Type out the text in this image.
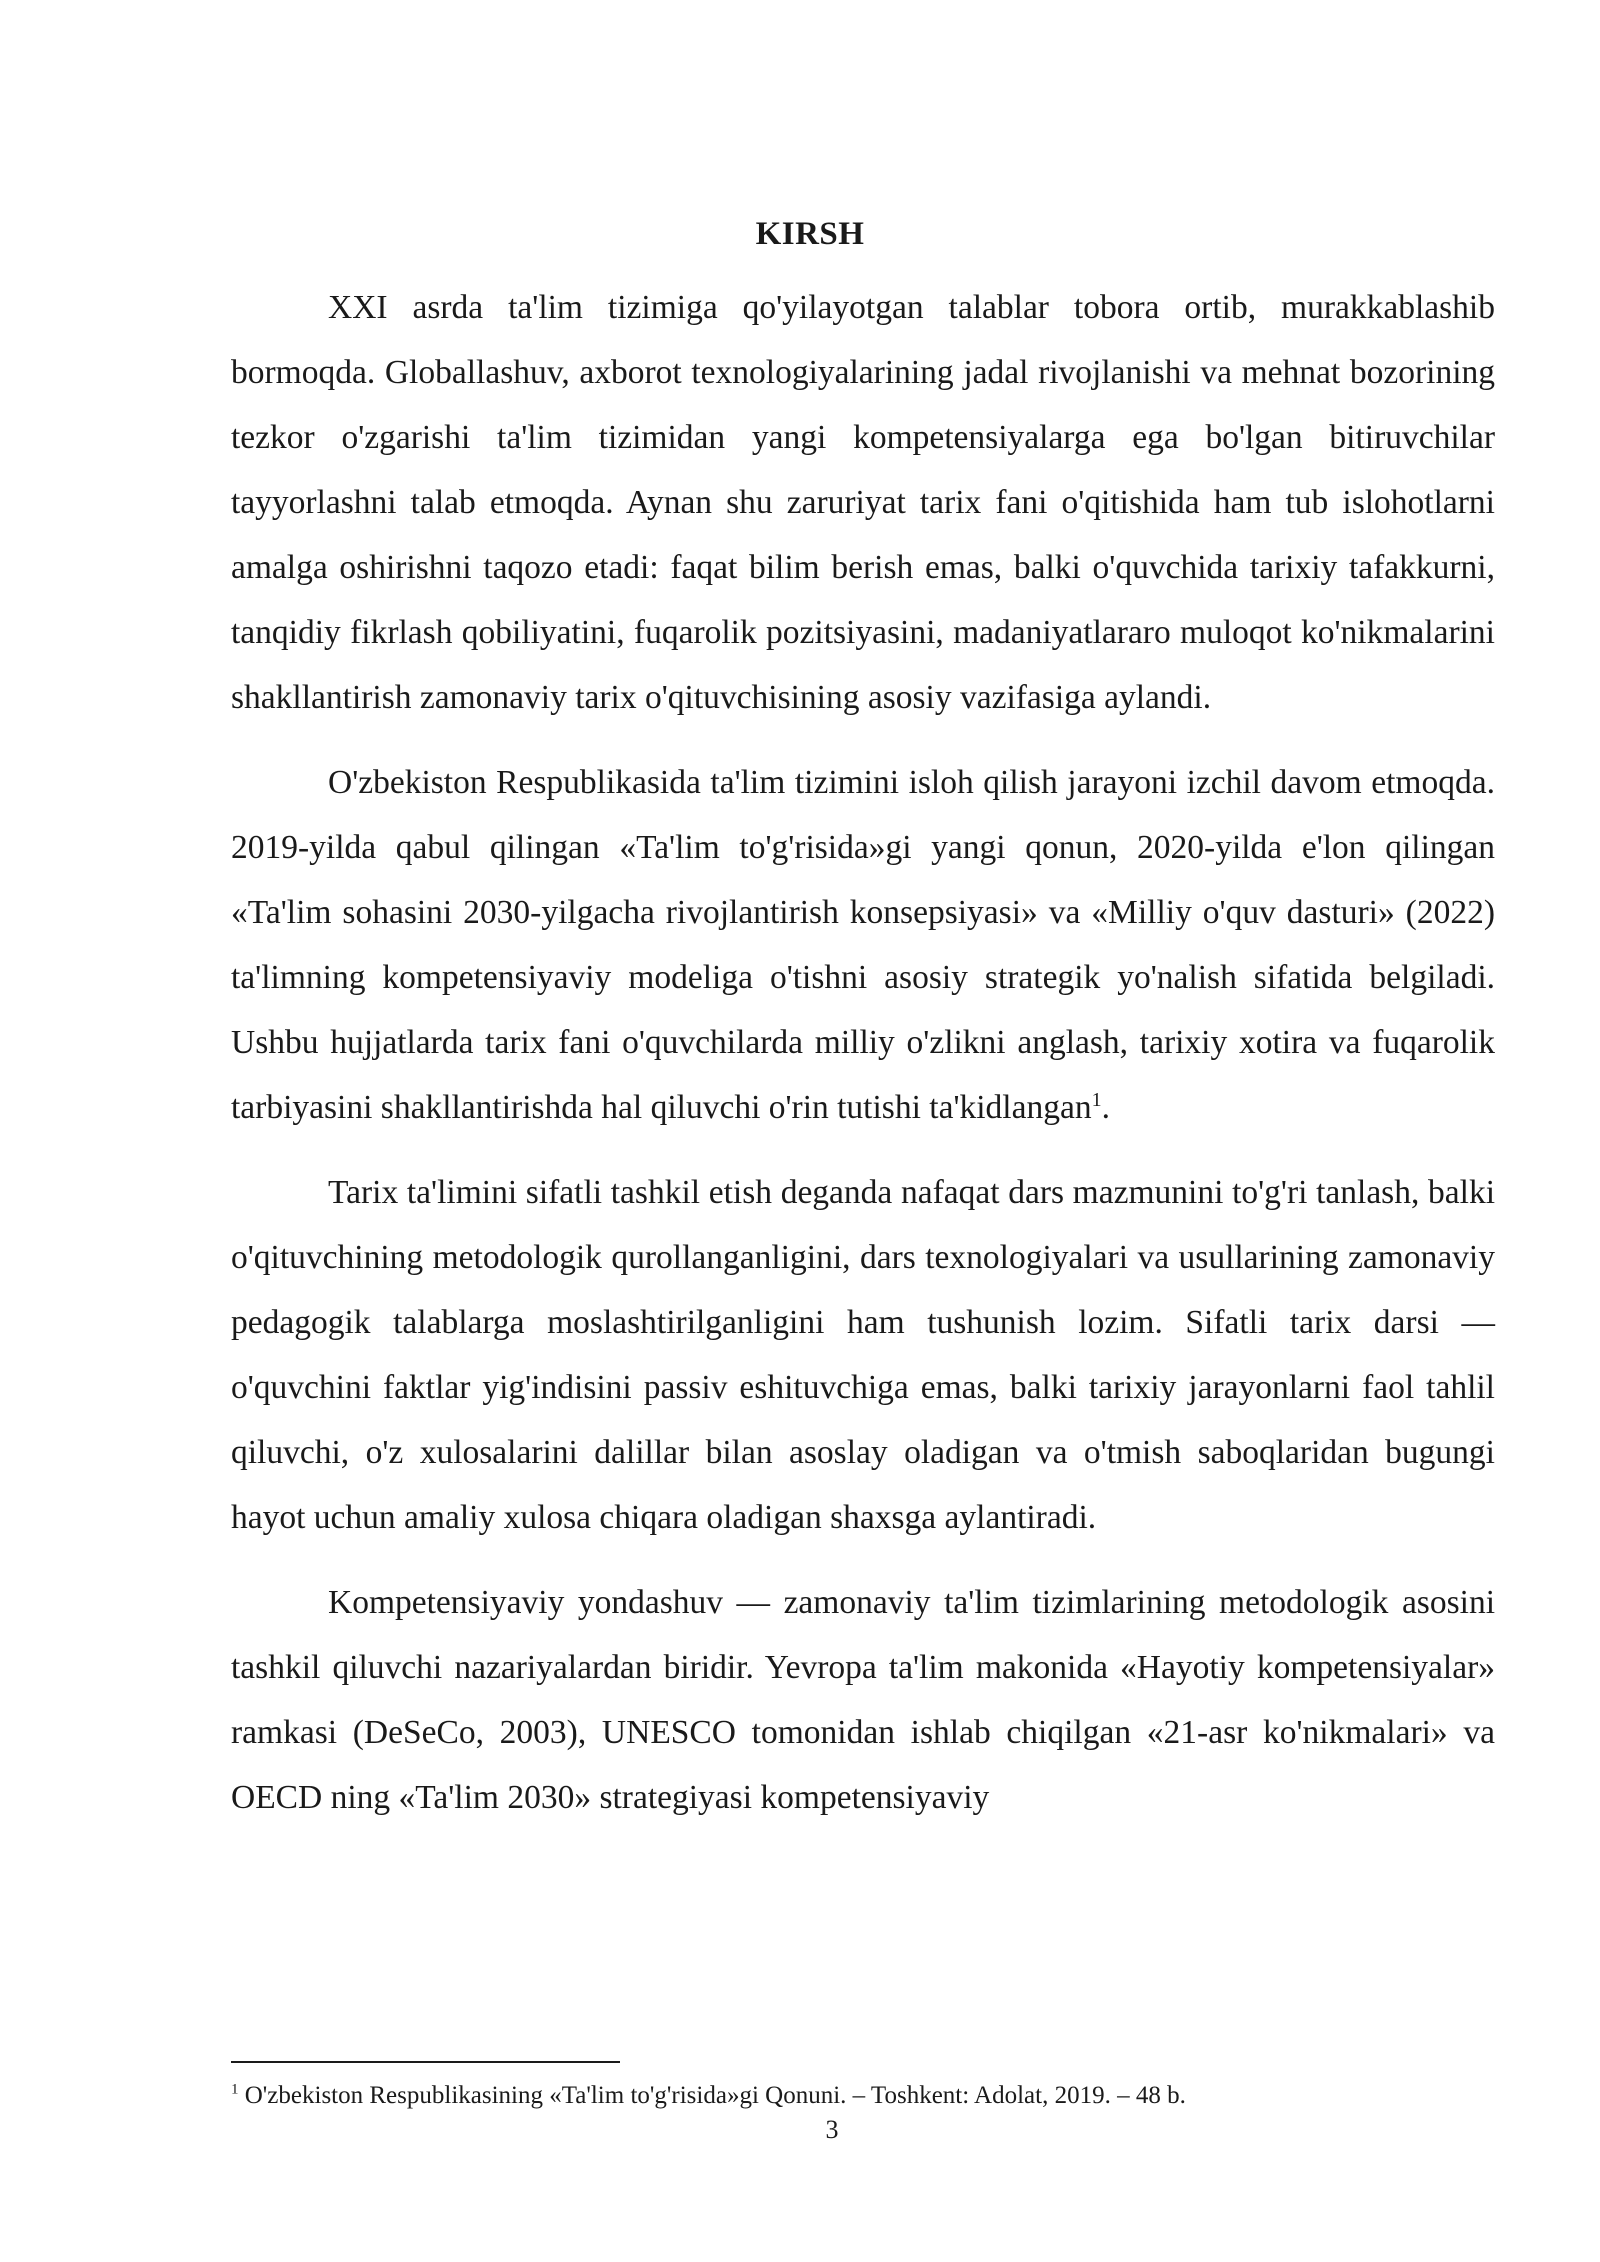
KIRSH

XXI asrda ta'lim tizimiga qo'yilayotgan talablar tobora ortib, murakkablashib bormoqda. Globallashuv, axborot texnologiyalarining jadal rivojlanishi va mehnat bozorining tezkor o'zgarishi ta'lim tizimidan yangi kompetensiyalarga ega bo'lgan bitiruvchilar tayyorlashni talab etmoqda. Aynan shu zaruriyat tarix fani o'qitishida ham tub islohotlarni amalga oshirishni taqozo etadi: faqat bilim berish emas, balki o'quvchida tarixiy tafakkurni, tanqidiy fikrlash qobiliyatini, fuqarolik pozitsiyasini, madaniyatlararo muloqot ko'nikmalarini shakllantirish zamonaviy tarix o'qituvchisining asosiy vazifasiga aylandi.

O'zbekiston Respublikasida ta'lim tizimini isloh qilish jarayoni izchil davom etmoqda. 2019-yilda qabul qilingan «Ta'lim to'g'risida»gi yangi qonun, 2020-yilda e'lon qilingan «Ta'lim sohasini 2030-yilgacha rivojlantirish konsepsiyasi» va «Milliy o'quv dasturi» (2022) ta'limning kompetensiyaviy modeliga o'tishni asosiy strategik yo'nalish sifatida belgiladi. Ushbu hujjatlarda tarix fani o'quvchilarda milliy o'zlikni anglash, tarixiy xotira va fuqarolik tarbiyasini shakllantirishda hal qiluvchi o'rin tutishi ta'kidlangan$^1$.

Tarix ta'limini sifatli tashkil etish deganda nafaqat dars mazmunini to'g'ri tanlash, balki o'qituvchining metodologik qurollanganligini, dars texnologiyalari va usullarining zamonaviy pedagogik talablarga moslashtirilganligini ham tushunish lozim. Sifatli tarix darsi — o'quvchini faktlar yig'indisini passiv eshituvchiga emas, balki tarixiy jarayonlarni faol tahlil qiluvchi, o'z xulosalarini dalillar bilan asoslay oladigan va o'tmish saboqlaridan bugungi hayot uchun amaliy xulosa chiqara oladigan shaxsga aylantiradi.

Kompetensiyaviy yondashuv — zamonaviy ta'lim tizimlarining metodologik asosini tashkil qiluvchi nazariyalardan biridir. Yevropa ta'lim makonida «Hayotiy kompetensiyalar» ramkasi (DeSeCo, 2003), UNESCO tomonidan ishlab chiqilgan «21-asr ko'nikmalari» va OECD ning «Ta'lim 2030» strategiyasi kompetensiyaviy

$^1$ O'zbekiston Respublikasining «Ta'lim to'g'risida»gi Qonuni. – Toshkent: Adolat, 2019. – 48 b.
3
